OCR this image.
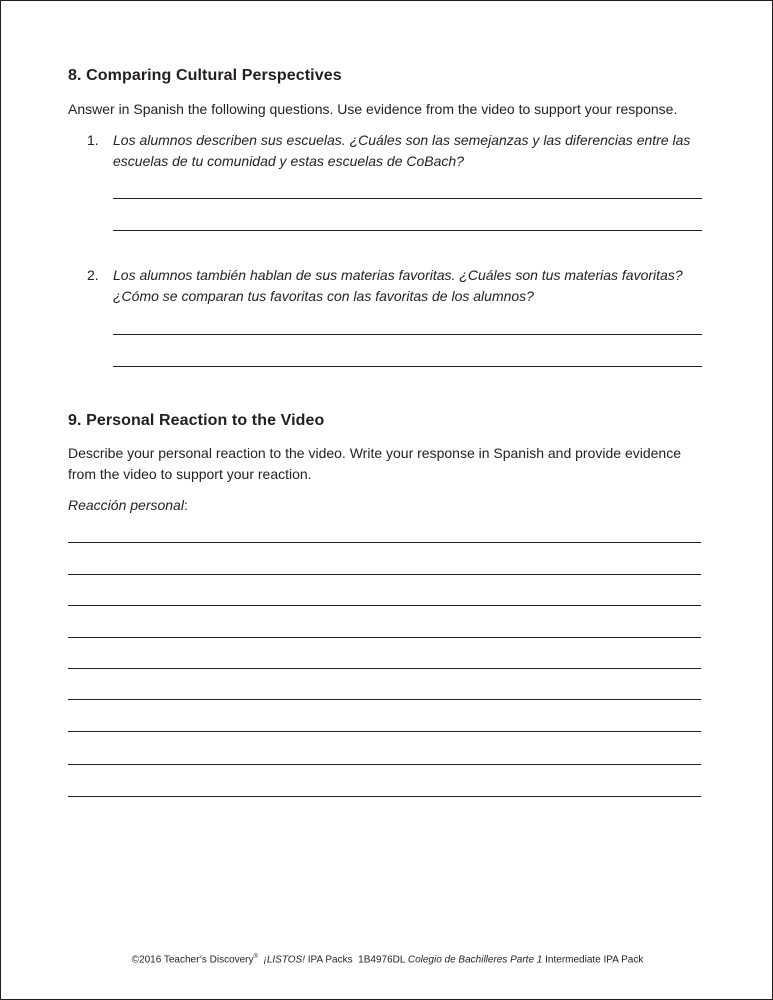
8. Comparing Cultural Perspectives

Answer in Spanish the following questions. Use evidence from the video to support your response.

1. Los alumnos describen sus escuelas. ¿Cuáles son las semejanzas y las diferencias entre las escuelas de tu comunidad y estas escuelas de CoBach?

2. Los alumnos también hablan de sus materias favoritas. ¿Cuáles son tus materias favoritas? ¿Cómo se comparan tus favoritas con las favoritas de los alumnos?

9. Personal Reaction to the Video

Describe your personal reaction to the video. Write your response in Spanish and provide evidence from the video to support your reaction.

Reacción personal:

©2016 Teacher’s Discovery® ¡LISTOS! IPA Packs  1B4976DL Colegio de Bachilleres Parte 1 Intermediate IPA Pack
